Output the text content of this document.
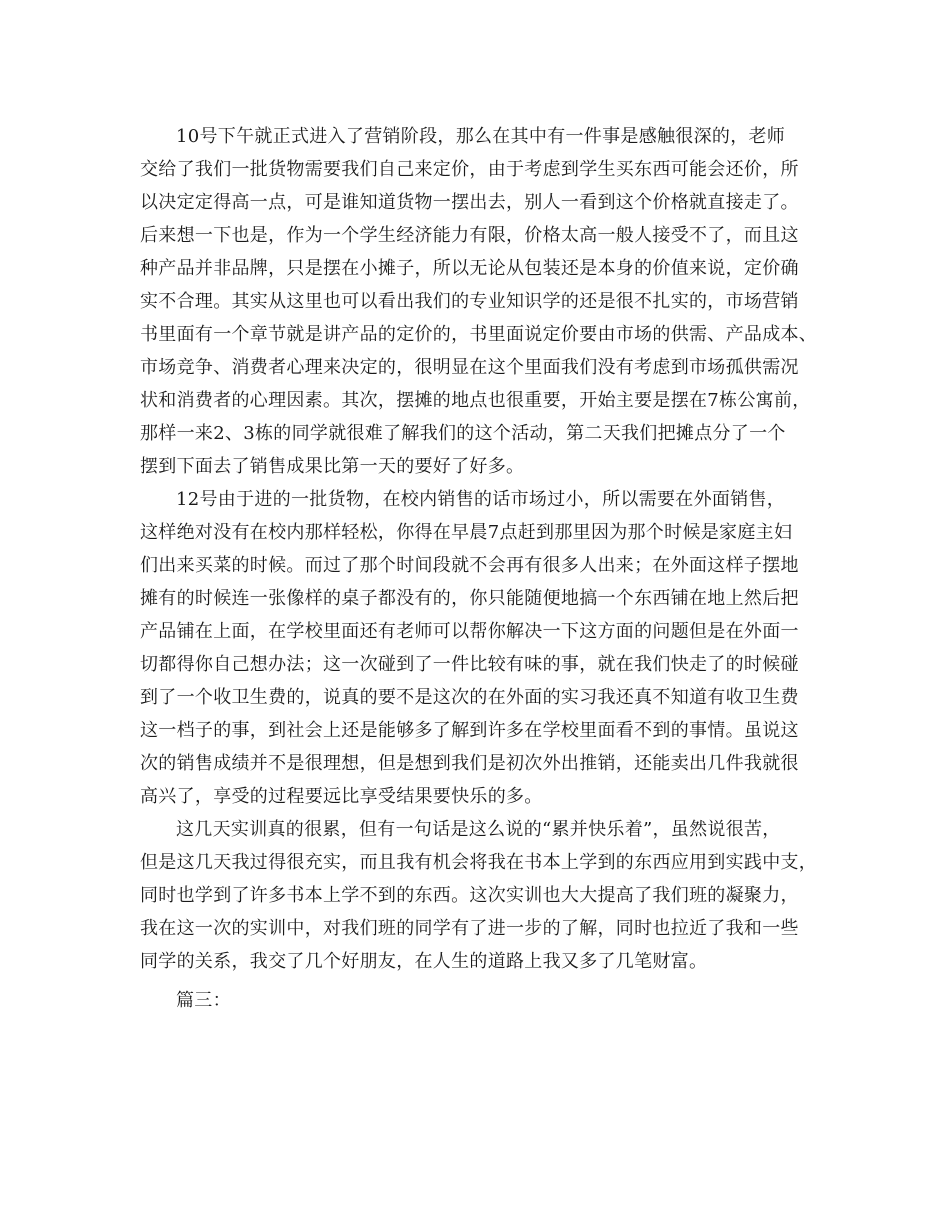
10号下午就正式进入了营销阶段，那么在其中有一件事是感触很深的，老师
交给了我们一批货物需要我们自己来定价，由于考虑到学生买东西可能会还价，所
以决定定得高一点，可是谁知道货物一摆出去，别人一看到这个价格就直接走了。
后来想一下也是，作为一个学生经济能力有限，价格太高一般人接受不了，而且这
种产品并非品牌，只是摆在小摊子，所以无论从包装还是本身的价值来说，定价确
实不合理。其实从这里也可以看出我们的专业知识学的还是很不扎实的，市场营销
书里面有一个章节就是讲产品的定价的，书里面说定价要由市场的供需、产品成本、
市场竞争、消费者心理来决定的，很明显在这个里面我们没有考虑到市场孤供需况
状和消费者的心理因素。其次，摆摊的地点也很重要，开始主要是摆在7栋公寓前，
那样一来2、3栋的同学就很难了解我们的这个活动，第二天我们把摊点分了一个
摆到下面去了销售成果比第一天的要好了好多。
12号由于进的一批货物，在校内销售的话市场过小，所以需要在外面销售，
这样绝对没有在校内那样轻松，你得在早晨7点赶到那里因为那个时候是家庭主妇
们出来买菜的时候。而过了那个时间段就不会再有很多人出来；在外面这样子摆地
摊有的时候连一张像样的桌子都没有的，你只能随便地搞一个东西铺在地上然后把
产品铺在上面，在学校里面还有老师可以帮你解决一下这方面的问题但是在外面一
切都得你自己想办法；这一次碰到了一件比较有味的事，就在我们快走了的时候碰
到了一个收卫生费的，说真的要不是这次的在外面的实习我还真不知道有收卫生费
这一档子的事，到社会上还是能够多了解到许多在学校里面看不到的事情。虽说这
次的销售成绩并不是很理想，但是想到我们是初次外出推销，还能卖出几件我就很
高兴了，享受的过程要远比享受结果要快乐的多。
这几天实训真的很累，但有一句话是这么说的“累并快乐着”，虽然说很苦，
但是这几天我过得很充实，而且我有机会将我在书本上学到的东西应用到实践中支，
同时也学到了许多书本上学不到的东西。这次实训也大大提高了我们班的凝聚力，
我在这一次的实训中，对我们班的同学有了进一步的了解，同时也拉近了我和一些
同学的关系，我交了几个好朋友，在人生的道路上我又多了几笔财富。
篇三：
